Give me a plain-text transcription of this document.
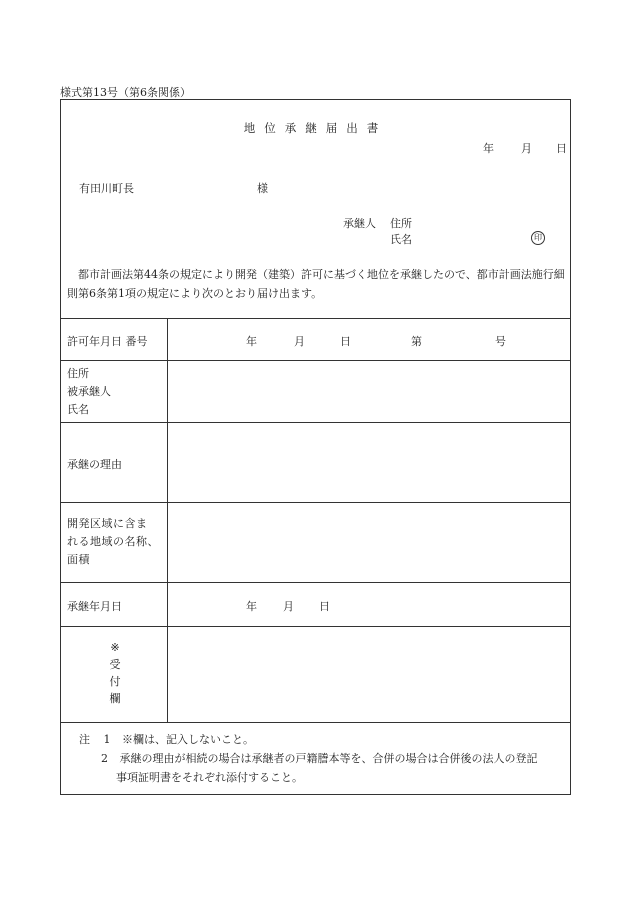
様式第13号（第6条関係）
地位承継届出書
年 月 日
有田川町長	様
承継人 住所
氏名	印
都市計画法第44条の規定により開発（建築）許可に基づく地位を承継したので、都市計画法施行細則第6条第1項の規定により次のとおり届け出ます。
許可年月日 番号	年	月	日	第	号
住所
被承継人
氏名
承継の理由
開発区域に含ま
れる地域の名称、
面積
承継年月日	年 月 日
※
受
付
欄
注 1 ※欄は、記入しないこと。
2 承継の理由が相続の場合は承継者の戸籍謄本等を、合併の場合は合併後の法人の登記
事項証明書をそれぞれ添付すること。
